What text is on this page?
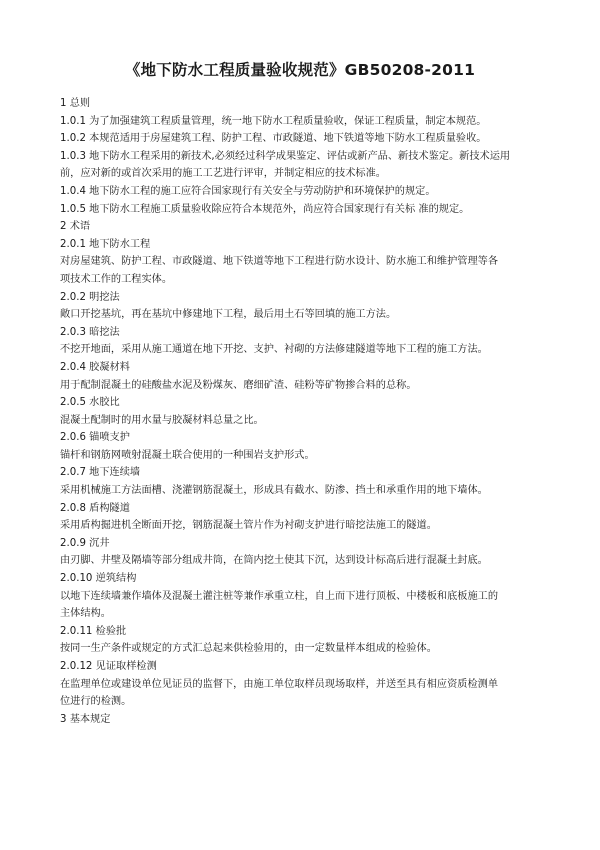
《地下防水工程质量验收规范》GB50208-2011
1 总则
1.0.1 为了加强建筑工程质量管理，统一地下防水工程质量验收，保证工程质量，制定本规范。
1.0.2 本规范适用于房屋建筑工程、防护工程、市政隧道、地下铁道等地下防水工程质量验收。
1.0.3 地下防水工程采用的新技术,必须经过科学成果鉴定、评估或新产品、新技术鉴定。新技术运用
前，应对新的或首次采用的施工工艺进行评审，并制定相应的技术标准。
1.0.4 地下防水工程的施工应符合国家现行有关安全与劳动防护和环境保护的规定。
1.0.5 地下防水工程施工质量验收除应符合本规范外，尚应符合国家现行有关标 准的规定。
2 术语
2.0.1 地下防水工程
对房屋建筑、防护工程、市政隧道、地下铁道等地下工程进行防水设计、防水施工和维护管理等各
项技术工作的工程实体。
2.0.2 明挖法
敞口开挖基坑，再在基坑中修建地下工程，最后用土石等回填的施工方法。
2.0.3 暗挖法
不挖开地面，采用从施工通道在地下开挖、支护、衬砌的方法修建隧道等地下工程的施工方法。
2.0.4 胶凝材料
用于配制混凝土的硅酸盐水泥及粉煤灰、磨细矿渣、硅粉等矿物掺合料的总称。
2.0.5 水胶比
混凝土配制时的用水量与胶凝材料总量之比。
2.0.6 锚喷支护
锚杆和钢筋网喷射混凝土联合使用的一种围岩支护形式。
2.0.7 地下连续墙
采用机械施工方法面槽、浇灌钢筋混凝土，形成具有截水、防渗、挡土和承重作用的地下墙体。
2.0.8 盾构隧道
采用盾构掘进机全断面开挖，钢筋混凝土管片作为衬砌支护进行暗挖法施工的隧道。
2.0.9 沉井
由刃脚、井壁及隔墙等部分组成井筒，在筒内挖土使其下沉，达到设计标高后进行混凝土封底。
2.0.10 逆筑结构
以地下连续墙兼作墙体及混凝土灌注桩等兼作承重立柱，自上而下进行顶板、中楼板和底板施工的
主体结构。
2.0.11 检验批
按同一生产条件或规定的方式汇总起来供检验用的，由一定数量样本组成的检验体。
2.0.12 见证取样检测
在监理单位或建设单位见证员的监督下，由施工单位取样员现场取样，并送至具有相应资质检测单
位进行的检测。
3 基本规定
